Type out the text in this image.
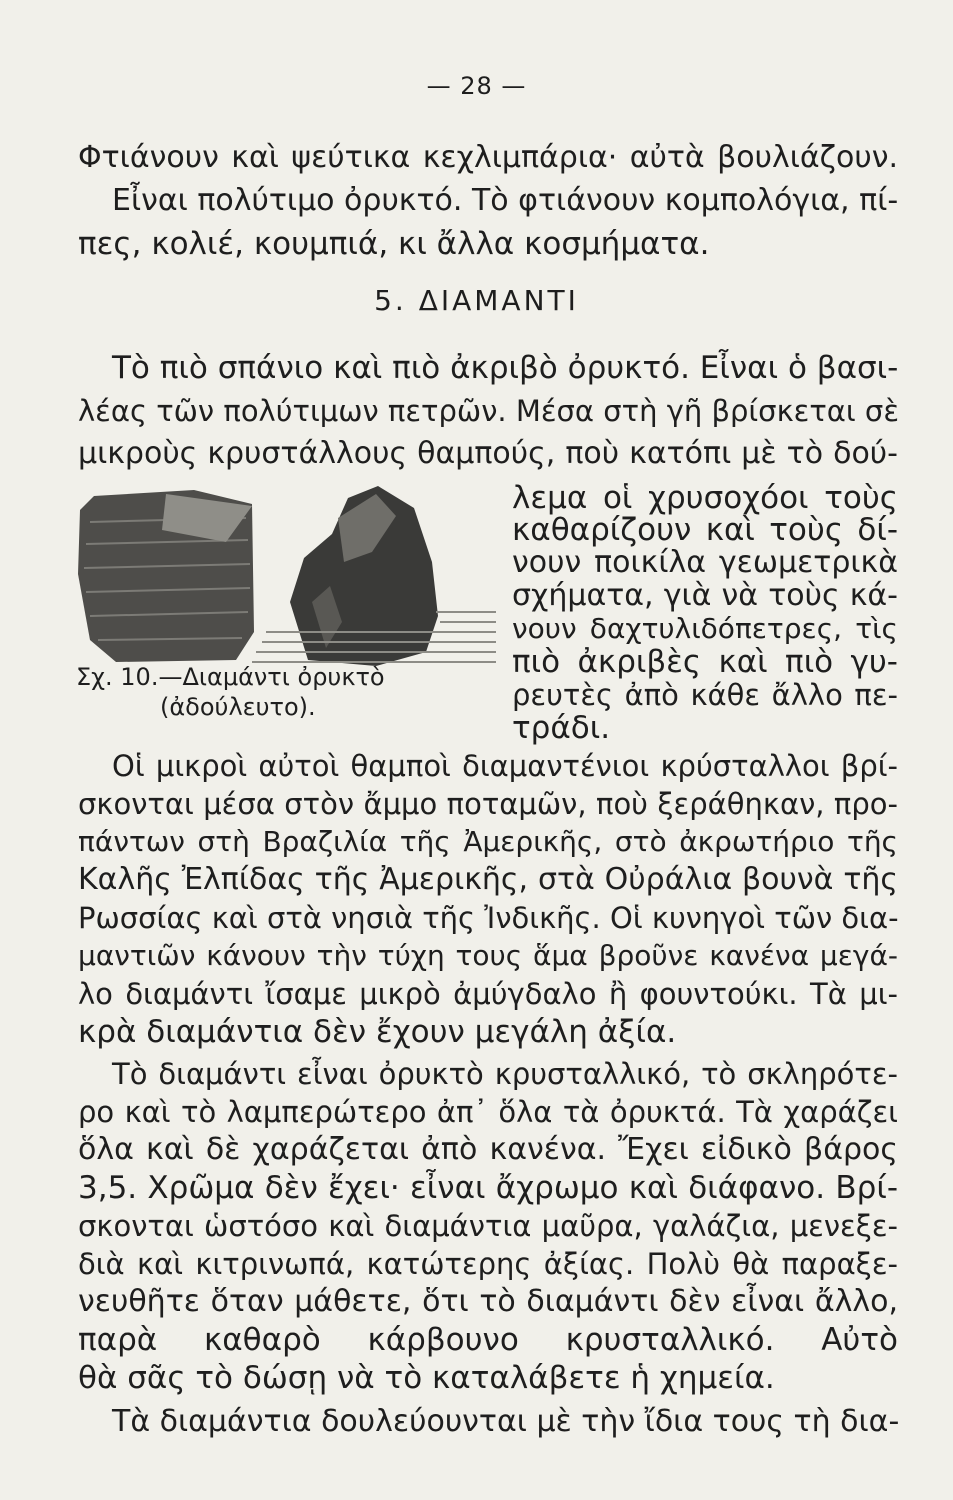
— 28 —
Φτιάνουν καὶ ψεύτικα κεχλιμπάρια· αὐτὰ βουλιάζουν.
Εἶναι πολύτιμο ὀρυκτό. Τὸ φτιάνουν κομπολόγια, πί-
πες, κολιέ, κουμπιά, κι ἄλλα κοσμήματα.
5. ΔΙΑΜΑΝΤΙ
Τὸ πιὸ σπάνιο καὶ πιὸ ἀκριβὸ ὀρυκτό. Εἶναι ὁ βασι-
λέας τῶν πολύτιμων πετρῶν. Μέσα στὴ γῆ βρίσκεται σὲ
μικροὺς κρυστάλλους θαμπούς, ποὺ κατόπι μὲ τὸ δού-
λεμα οἱ χρυσοχόοι τοὺς
καθαρίζουν καὶ τοὺς δί-
νουν ποικίλα γεωμετρικὰ
σχήματα, γιὰ νὰ τοὺς κά-
νουν δαχτυλιδόπετρες, τὶς
πιὸ ἀκριβὲς καὶ πιὸ γυ-
ρευτὲς ἀπὸ κάθε ἄλλο πε-
τράδι.
Σχ. 10.—Διαμάντι ὀρυκτὸ
(ἀδούλευτο).
Οἱ μικροὶ αὐτοὶ θαμποὶ διαμαντένιοι κρύσταλλοι βρί-
σκονται μέσα στὸν ἄμμο ποταμῶν, ποὺ ξεράθηκαν, προ-
πάντων στὴ Βραζιλία τῆς Ἀμερικῆς, στὸ ἀκρωτήριο τῆς
Καλῆς Ἐλπίδας τῆς Ἀμερικῆς, στὰ Οὐράλια βουνὰ τῆς
Ρωσσίας καὶ στὰ νησιὰ τῆς Ἰνδικῆς. Οἱ κυνηγοὶ τῶν δια-
μαντιῶν κάνουν τὴν τύχη τους ἅμα βροῦνε κανένα μεγά-
λο διαμάντι ἴσαμε μικρὸ ἀμύγδαλο ἢ φουντούκι. Τὰ μι-
κρὰ διαμάντια δὲν ἔχουν μεγάλη ἀξία.
Τὸ διαμάντι εἶναι ὀρυκτὸ κρυσταλλικό, τὸ σκληρότε-
ρο καὶ τὸ λαμπερώτερο ἀπ᾽ ὅλα τὰ ὀρυκτά. Τὰ χαράζει
ὅλα καὶ δὲ χαράζεται ἀπὸ κανένα. Ἔχει εἰδικὸ βάρος
3,5. Χρῶμα δὲν ἔχει· εἶναι ἄχρωμο καὶ διάφανο. Βρί-
σκονται ὡστόσο καὶ διαμάντια μαῦρα, γαλάζια, μενεξε-
διὰ καὶ κιτρινωπά, κατώτερης ἀξίας. Πολὺ θὰ παραξε-
νευθῆτε ὅταν μάθετε, ὅτι τὸ διαμάντι δὲν εἶναι ἄλλο,
παρὰ καθαρὸ κάρβουνο κρυσταλλικό. Αὐτὸ
θὰ σᾶς τὸ δώσῃ νὰ τὸ καταλάβετε ἡ χημεία.
Τὰ διαμάντια δουλεύουνται μὲ τὴν ἴδια τους τὴ δια-
